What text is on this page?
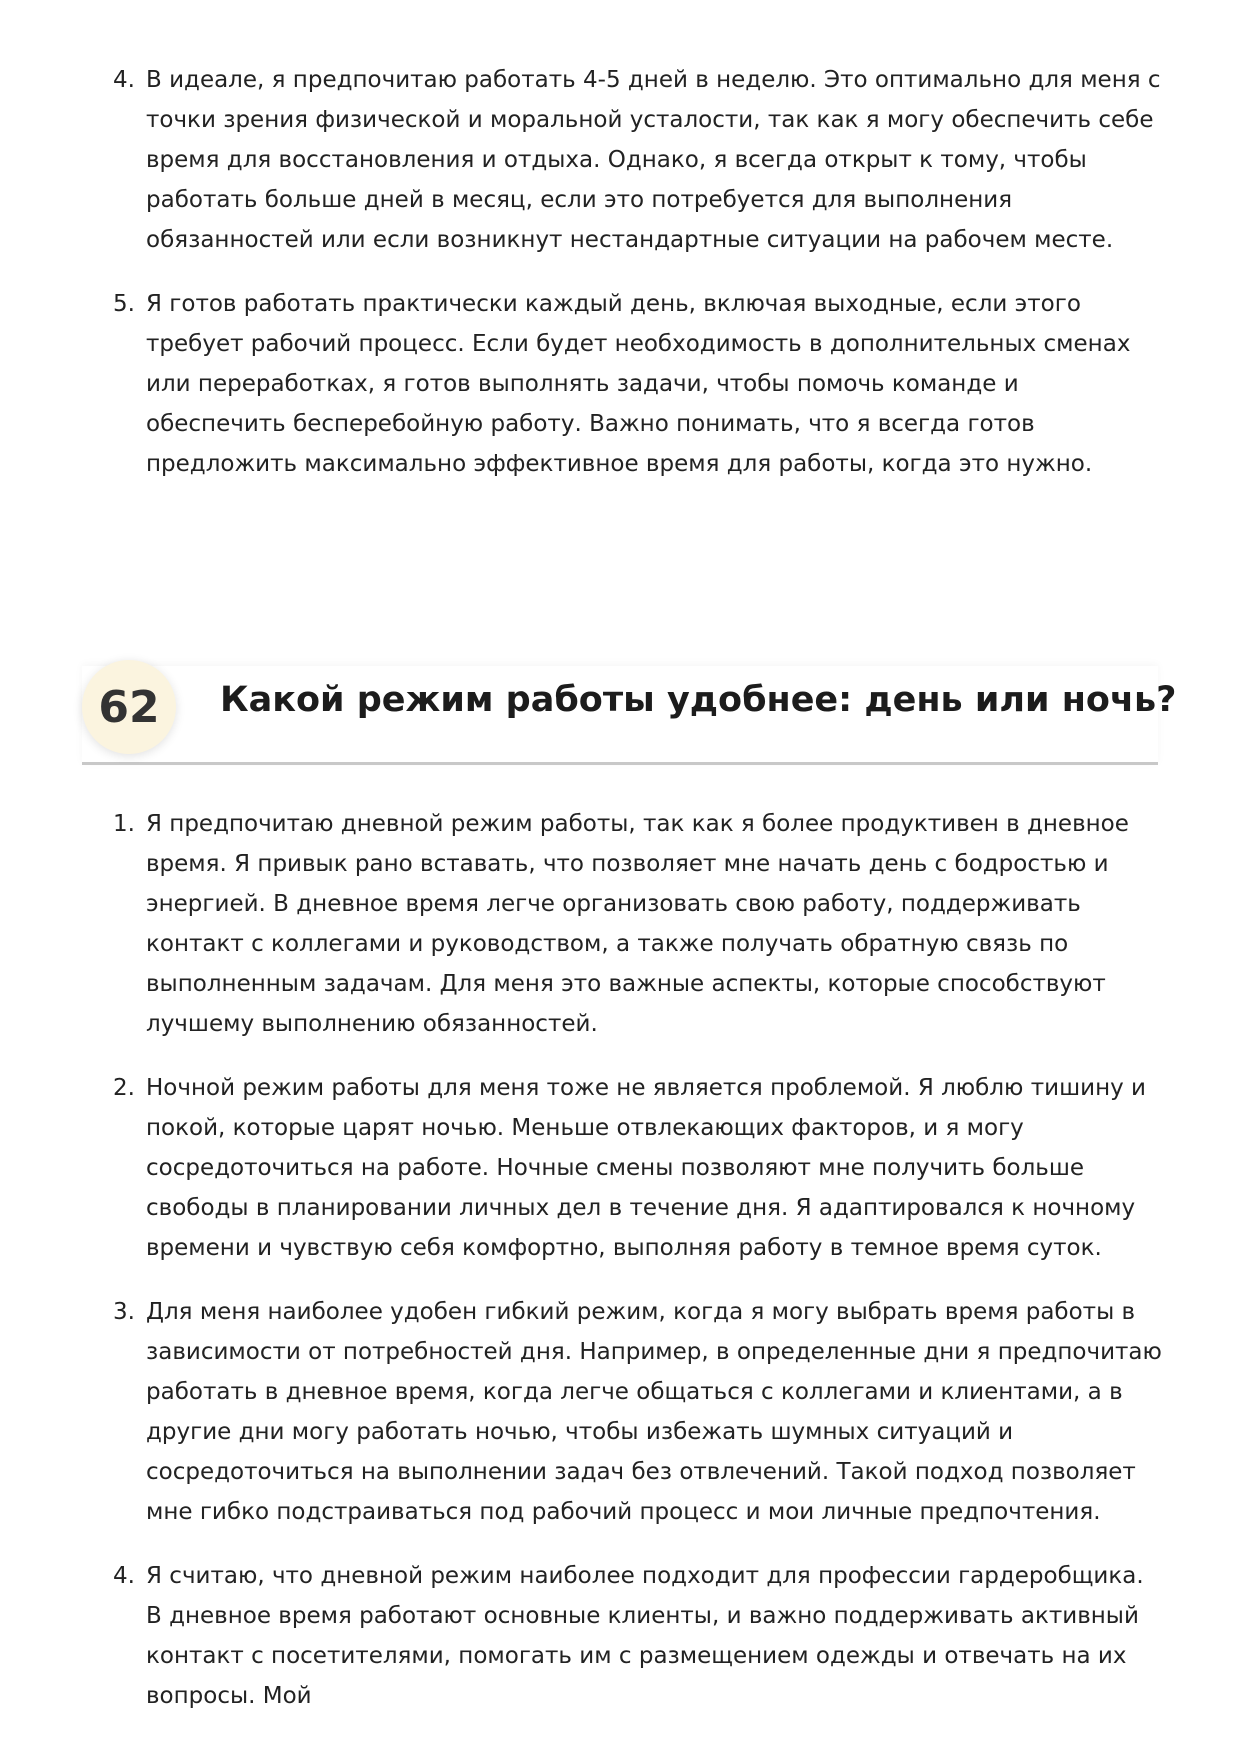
4. В идеале, я предпочитаю работать 4-5 дней в неделю. Это оптимально для меня с точки зрения физической и моральной усталости, так как я могу обеспечить себе время для восстановления и отдыха. Однако, я всегда открыт к тому, чтобы работать больше дней в месяц, если это потребуется для выполнения обязанностей или если возникнут нестандартные ситуации на рабочем месте.
5. Я готов работать практически каждый день, включая выходные, если этого требует рабочий процесс. Если будет необходимость в дополнительных сменах или переработках, я готов выполнять задачи, чтобы помочь команде и обеспечить бесперебойную работу. Важно понимать, что я всегда готов предложить максимально эффективное время для работы, когда это нужно.
62	Какой режим работы удобнее: день или ночь?
1. Я предпочитаю дневной режим работы, так как я более продуктивен в дневное время. Я привык рано вставать, что позволяет мне начать день с бодростью и энергией. В дневное время легче организовать свою работу, поддерживать контакт с коллегами и руководством, а также получать обратную связь по выполненным задачам. Для меня это важные аспекты, которые способствуют лучшему выполнению обязанностей.
2. Ночной режим работы для меня тоже не является проблемой. Я люблю тишину и покой, которые царят ночью. Меньше отвлекающих факторов, и я могу сосредоточиться на работе. Ночные смены позволяют мне получить больше свободы в планировании личных дел в течение дня. Я адаптировался к ночному времени и чувствую себя комфортно, выполняя работу в темное время суток.
3. Для меня наиболее удобен гибкий режим, когда я могу выбрать время работы в зависимости от потребностей дня. Например, в определенные дни я предпочитаю работать в дневное время, когда легче общаться с коллегами и клиентами, а в другие дни могу работать ночью, чтобы избежать шумных ситуаций и сосредоточиться на выполнении задач без отвлечений. Такой подход позволяет мне гибко подстраиваться под рабочий процесс и мои личные предпочтения.
4. Я считаю, что дневной режим наиболее подходит для профессии гардеробщика. В дневное время работают основные клиенты, и важно поддерживать активный контакт с посетителями, помогать им с размещением одежды и отвечать на их вопросы. Мой
